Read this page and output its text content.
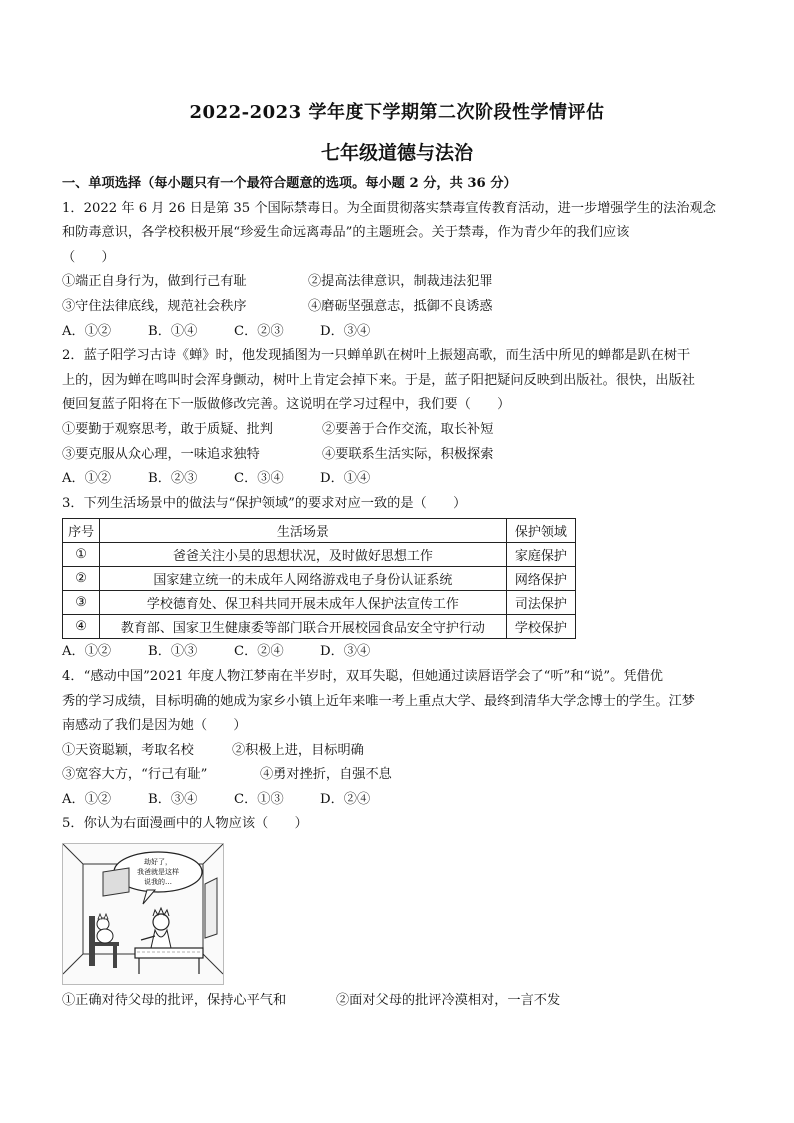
2022-2023 学年度下学期第二次阶段性学情评估
七年级道德与法治
一、单项选择（每小题只有一个最符合题意的选项。每小题 2 分，共 36 分）
1．2022 年 6 月 26 日是第 35 个国际禁毒日。为全面贯彻落实禁毒宣传教育活动，进一步增强学生的法治观念
和防毒意识，各学校积极开展“珍爱生命远离毒品”的主题班会。关于禁毒，作为青少年的我们应该
（　　）
①端正自身行为，做到行己有耻	②提高法律意识，制裁违法犯罪
③守住法律底线，规范社会秩序	④磨砺坚强意志，抵御不良诱惑
A．①②	B．①④	C．②③	D．③④
2．蓝子阳学习古诗《蝉》时，他发现插图为一只蝉单趴在树叶上振翅高歌，而生活中所见的蝉都是趴在树干
上的，因为蝉在鸣叫时会浑身颤动，树叶上肯定会掉下来。于是，蓝子阳把疑问反映到出版社。很快，出版社
便回复蓝子阳将在下一版做修改完善。这说明在学习过程中，我们要（　　）
①要勤于观察思考，敢于质疑、批判	②要善于合作交流，取长补短
③要克服从众心理，一味追求独特	④要联系生活实际，积极探索
A．①②	B．②③	C．③④	D．①④
3．下列生活场景中的做法与“保护领域”的要求对应一致的是（　　）
序号	生活场景	保护领域
①	爸爸关注小昊的思想状况，及时做好思想工作	家庭保护
②	国家建立统一的未成年人网络游戏电子身份认证系统	网络保护
③	学校德育处、保卫科共同开展未成年人保护法宣传工作	司法保护
④	教育部、国家卫生健康委等部门联合开展校园食品安全守护行动	学校保护
A．①②	B．①③	C．②④	D．③④
4．“感动中国”2021 年度人物江梦南在半岁时，双耳失聪，但她通过读唇语学会了“听”和“说”。凭借优
秀的学习成绩，目标明确的她成为家乡小镇上近年来唯一考上重点大学、最终到清华大学念博士的学生。江梦
南感动了我们是因为她（　　）
①天资聪颖，考取名校	②积极上进，目标明确
③宽容大方，“行己有耻”	④勇对挫折，自强不息
A．①②	B．③④	C．①③	D．②④
5．你认为右面漫画中的人物应该（　　）
劫好了，
我爸就是这样
说我的…
①正确对待父母的批评，保持心平气和	②面对父母的批评冷漠相对，一言不发
